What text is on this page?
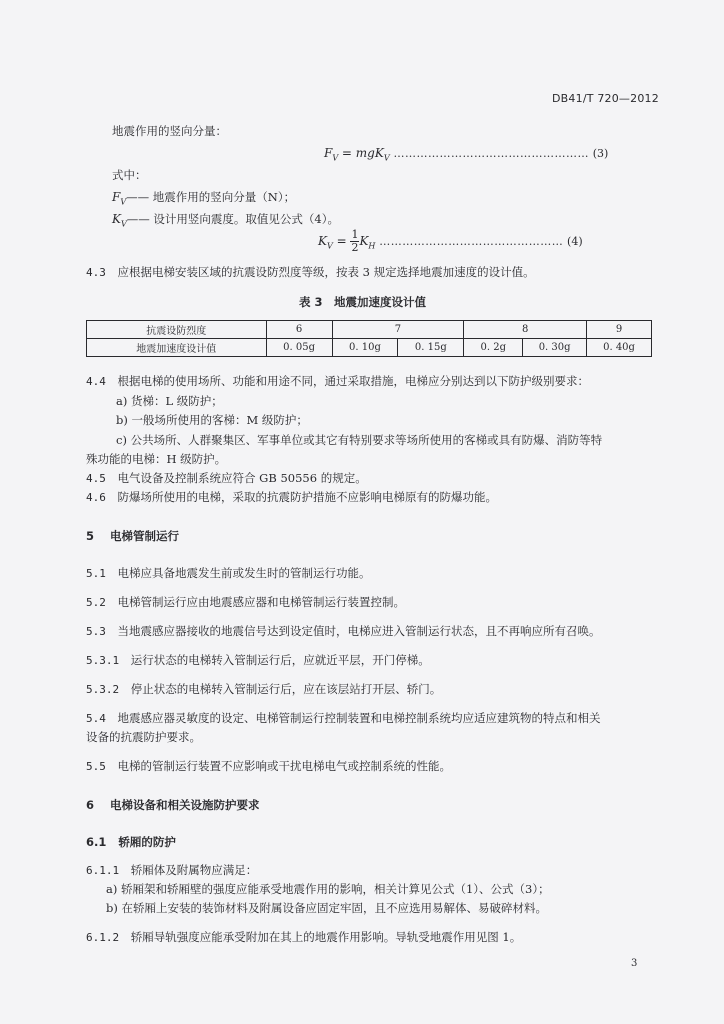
DB41/T 720—2012
地震作用的竖向分量：
$F_V = mgK_V$ …………………………………………… (3)
式中：
$F_V——$ 地震作用的竖向分量（N）；
$K_V——$ 设计用竖向震度。取值见公式（4）。
$K_V = \frac{1}{2} K_H$ ………………………………………… (4)
4.3 应根据电梯安装区域的抗震设防烈度等级，按表 3 规定选择地震加速度的设计值。
表 3　地震加速度设计值
抗震设防烈度	6	7		8		9
地震加速度设计值	0. 05g	0. 10g	0. 15g	0. 2g	0. 30g	0. 40g
4.4 根据电梯的使用场所、功能和用途不同，通过采取措施，电梯应分别达到以下防护级别要求：
a) 货梯：L 级防护；
b) 一般场所使用的客梯：M 级防护；
c) 公共场所、人群聚集区、军事单位或其它有特别要求等场所使用的客梯或具有防爆、消防等特
殊功能的电梯：H 级防护。
4.5 电气设备及控制系统应符合 GB 50556 的规定。
4.6 防爆场所使用的电梯，采取的抗震防护措施不应影响电梯原有的防爆功能。
5 电梯管制运行
5.1 电梯应具备地震发生前或发生时的管制运行功能。
5.2 电梯管制运行应由地震感应器和电梯管制运行装置控制。
5.3 当地震感应器接收的地震信号达到设定值时，电梯应进入管制运行状态，且不再响应所有召唤。
5.3.1 运行状态的电梯转入管制运行后，应就近平层，开门停梯。
5.3.2 停止状态的电梯转入管制运行后，应在该层站打开层、轿门。
5.4 地震感应器灵敏度的设定、电梯管制运行控制装置和电梯控制系统均应适应建筑物的特点和相关
设备的抗震防护要求。
5.5 电梯的管制运行装置不应影响或干扰电梯电气或控制系统的性能。
6 电梯设备和相关设施防护要求
6.1 轿厢的防护
6.1.1 轿厢体及附属物应满足：
a) 轿厢架和轿厢壁的强度应能承受地震作用的影响，相关计算见公式（1）、公式（3）；
b) 在轿厢上安装的装饰材料及附属设备应固定牢固，且不应选用易解体、易破碎材料。
6.1.2 轿厢导轨强度应能承受附加在其上的地震作用影响。导轨受地震作用见图 1。
3
